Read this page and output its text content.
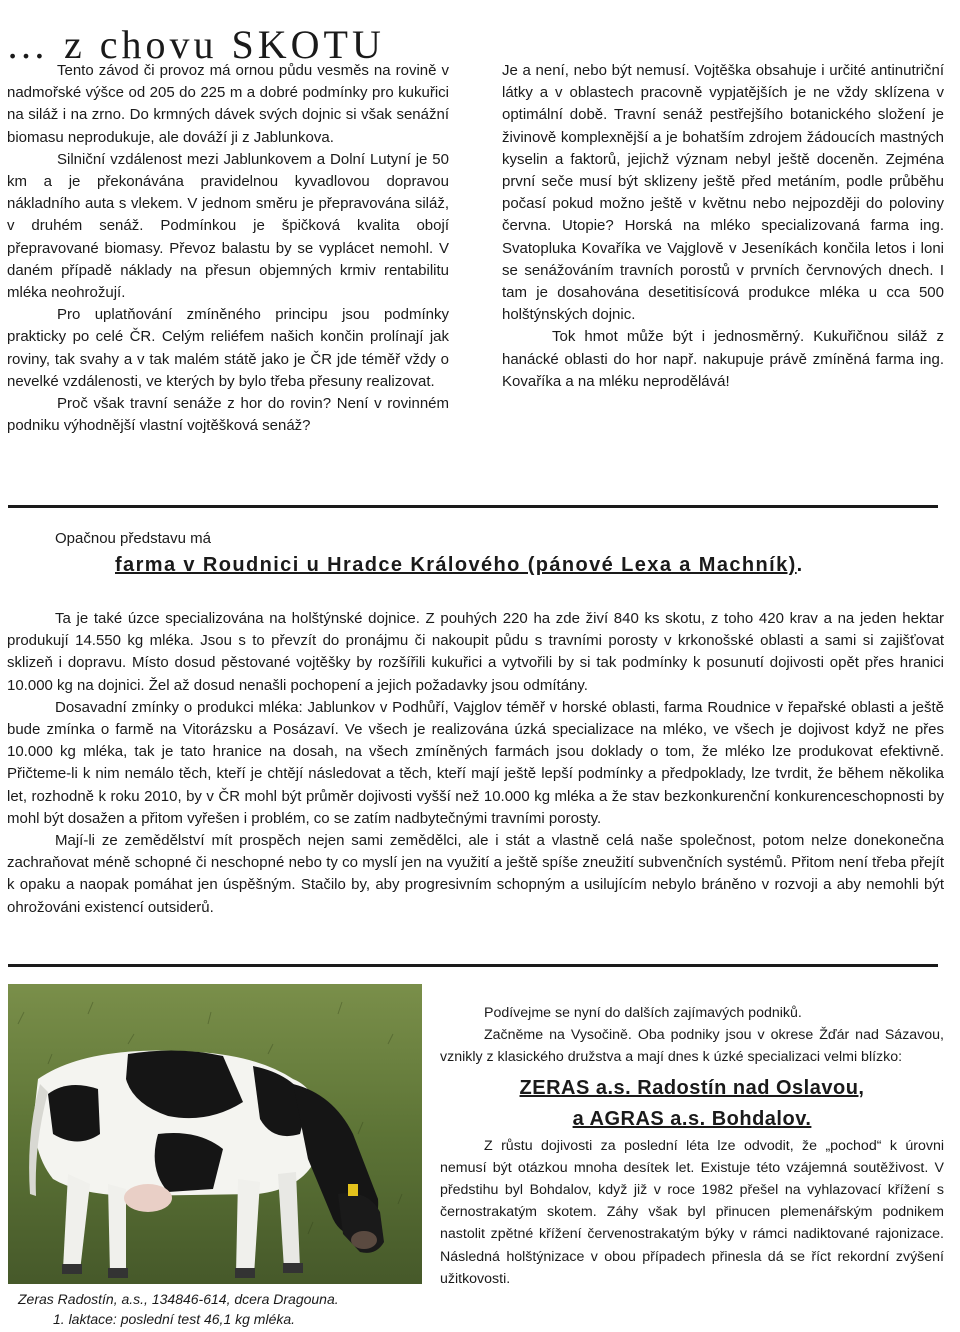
… z chovu SKOTU

Tento závod či provoz má ornou půdu vesměs na rovině v nadmořské výšce od 205 do 225 m a dobré podmínky pro kukuřici na siláž i na zrno. Do krmných dávek svých dojnic si však senážní biomasu neprodukuje, ale dováží ji z Jablunkova.

Silniční vzdálenost mezi Jablunkovem a Dolní Lutyní je 50 km a je překonávána pravidelnou kyvadlovou dopravou nákladního auta s vlekem. V jednom směru je přepravována siláž, v druhém senáž. Podmínkou je špičková kvalita obojí přepravované biomasy. Převoz balastu by se vyplácet nemohl. V daném případě náklady na přesun objemných krmiv rentabilitu mléka neohrožují.

Pro uplatňování zmíněného principu jsou podmínky prakticky po celé ČR. Celým reliéfem našich končin prolínají jak roviny, tak svahy a v tak malém státě jako je ČR jde téměř vždy o nevelké vzdálenosti, ve kterých by bylo třeba přesuny realizovat.

Proč však travní senáže z hor do rovin? Není v rovinném podniku výhodnější vlastní vojtěšková senáž?

Je a není, nebo být nemusí. Vojtěška obsahuje i určité antinutriční látky a v oblastech pracovně vypjatějších je ne vždy sklízena v optimální době. Travní senáž pestřejšího botanického složení je živinově komplexnější a je bohatším zdrojem žádoucích mastných kyselin a faktorů, jejichž význam nebyl ještě doceněn. Zejména první seče musí být sklizeny ještě před metáním, podle průběhu počasí pokud možno ještě v květnu nebo nejpozději do poloviny června. Utopie? Horská na mléko specializovaná farma ing. Svatopluka Kovaříka ve Vajglově v Jeseníkách končila letos i loni se senážováním travních porostů v prvních červnových dnech. I tam je dosahována desetitisícová produkce mléka u cca 500 holštýnských dojnic.

Tok hmot může být i jednosměrný. Kukuřičnou siláž z hanácké oblasti do hor např. nakupuje právě zmíněná farma ing. Kovaříka a na mléku neprodělává!

Opačnou představu má
farma v Roudnici u Hradce Králového (pánové Lexa a Machník).

Ta je také úzce specializována na holštýnské dojnice. Z pouhých 220 ha zde živí 840 ks skotu, z toho 420 krav a na jeden hektar produkují 14.550 kg mléka. Jsou s to převzít do pronájmu či nakoupit půdu s travními porosty v krkonošské oblasti a sami si zajišťovat sklizeň i dopravu. Místo dosud pěstované vojtěšky by rozšířili kukuřici a vytvořili by si tak podmínky k posunutí dojivosti opět přes hranici 10.000 kg na dojnici. Žel až dosud nenašli pochopení a jejich požadavky jsou odmítány.

Dosavadní zmínky o produkci mléka: Jablunkov v Podhůří, Vajglov téměř v horské oblasti, farma Roudnice v řepařské oblasti a ještě bude zmínka o farmě na Vitorázsku a Posázaví. Ve všech je realizována úzká specializace na mléko, ve všech je dojivost když ne přes 10.000 kg mléka, tak je tato hranice na dosah, na všech zmíněných farmách jsou doklady o tom, že mléko lze produkovat efektivně. Přičteme-li k nim nemálo těch, kteří je chtějí následovat a těch, kteří mají ještě lepší podmínky a předpoklady, lze tvrdit, že během několika let, rozhodně k roku 2010, by v ČR mohl být průměr dojivosti vyšší než 10.000 kg mléka a že stav bezkonkurenční konkurenceschopnosti by mohl být dosažen a přitom vyřešen i problém, co se zatím nadbytečnými travními porosty.

Mají-li ze zemědělství mít prospěch nejen sami zemědělci, ale i stát a vlastně celá naše společnost, potom nelze donekonečna zachraňovat méně schopné či neschopné nebo ty co myslí jen na využití a ještě spíše zneužití subvenčních systémů. Přitom není třeba přejít k opaku a naopak pomáhat jen úspěšným. Stačilo by, aby progresivním schopným a usilujícím nebylo bráněno v rozvoji a aby nemohli být ohrožováni existencí outsiderů.

Zeras Radostín, a.s., 134846-614, dcera Dragouna.
1. laktace: poslední test 46,1 kg mléka.

Podívejme se nyní do dalších zajímavých podniků.

Začněme na Vysočině. Oba podniky jsou v okrese Žďár nad Sázavou, vznikly z klasického družstva a mají dnes k úzké specializaci velmi blízko:

ZERAS a.s. Radostín nad Oslavou,
a AGRAS a.s. Bohdalov.

Z růstu dojivosti za poslední léta lze odvodit, že „pochod“ k úrovni nemusí být otázkou mnoha desítek let. Existuje této vzájemná soutěživost. V předstihu byl Bohdalov, když již v roce 1982 přešel na vyhlazovací křížení s černostrakatým skotem. Záhy však byl přinucen plemenářským podnikem nastolit zpětné křížení červenostrakatým býky v rámci nadiktované rajonizace. Následná holštýnizace v obou případech přinesla dá se říct rekordní zvýšení užitkovosti.
